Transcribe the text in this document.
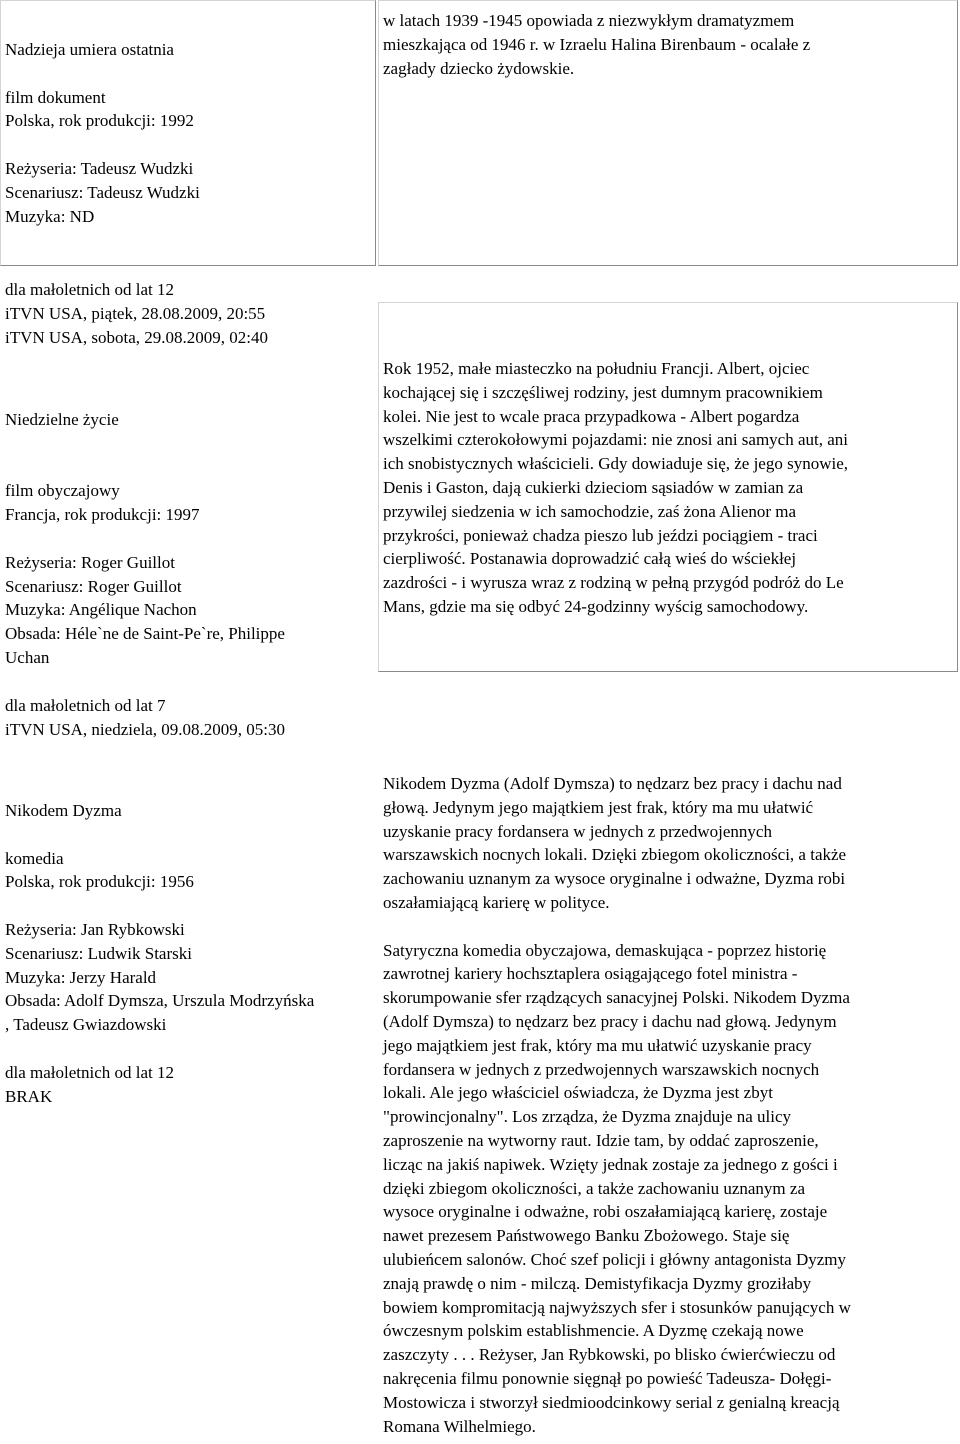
Nadzieja umiera ostatnia
film dokument
Polska, rok produkcji: 1992
Reżyseria: Tadeusz Wudzki
Scenariusz: Tadeusz Wudzki
Muzyka: ND
w latach 1939 -1945 opowiada z niezwykłym dramatyzmem
mieszkająca od 1946 r. w Izraelu Halina Birenbaum - ocalałe z
zagłady dziecko żydowskie.
dla małoletnich od lat 12
iTVN USA, piątek, 28.08.2009, 20:55
iTVN USA, sobota, 29.08.2009, 02:40
Niedzielne życie
film obyczajowy
Francja, rok produkcji: 1997
Reżyseria: Roger Guillot
Scenariusz: Roger Guillot
Muzyka: Angélique Nachon
Obsada: Héle`ne de Saint-Pe`re, Philippe
Uchan
Rok 1952, małe miasteczko na południu Francji. Albert, ojciec
kochającej się i szczęśliwej rodziny, jest dumnym pracownikiem
kolei. Nie jest to wcale praca przypadkowa - Albert pogardza
wszelkimi czterokołowymi pojazdami: nie znosi ani samych aut, ani
ich snobistycznych właścicieli. Gdy dowiaduje się, że jego synowie,
Denis i Gaston, dają cukierki dzieciom sąsiadów w zamian za
przywilej siedzenia w ich samochodzie, zaś żona Alienor ma
przykrości, ponieważ chadza pieszo lub jeździ pociągiem - traci
cierpliwość. Postanawia doprowadzić całą wieś do wściekłej
zazdrości - i wyrusza wraz z rodziną w pełną przygód podróż do Le
Mans, gdzie ma się odbyć 24-godzinny wyścig samochodowy.
dla małoletnich od lat 7
iTVN USA, niedziela, 09.08.2009, 05:30
Nikodem Dyzma
komedia
Polska, rok produkcji: 1956
Reżyseria: Jan Rybkowski
Scenariusz: Ludwik Starski
Muzyka: Jerzy Harald
Obsada: Adolf Dymsza, Urszula Modrzyńska
, Tadeusz Gwiazdowski
dla małoletnich od lat 12
BRAK
Nikodem Dyzma (Adolf Dymsza) to nędzarz bez pracy i dachu nad
głową. Jedynym jego majątkiem jest frak, który ma mu ułatwić
uzyskanie pracy fordansera w jednych z przedwojennych
warszawskich nocnych lokali. Dzięki zbiegom okoliczności, a także
zachowaniu uznanym za wysoce oryginalne i odważne, Dyzma robi
oszałamiającą karierę w polityce.
Satyryczna komedia obyczajowa, demaskująca - poprzez historię
zawrotnej kariery hochsztaplera osiągającego fotel ministra -
skorumpowanie sfer rządzących sanacyjnej Polski. Nikodem Dyzma
(Adolf Dymsza) to nędzarz bez pracy i dachu nad głową. Jedynym
jego majątkiem jest frak, który ma mu ułatwić uzyskanie pracy
fordansera w jednych z przedwojennych warszawskich nocnych
lokali. Ale jego właściciel oświadcza, że Dyzma jest zbyt
"prowincjonalny". Los zrządza, że Dyzma znajduje na ulicy
zaproszenie na wytworny raut. Idzie tam, by oddać zaproszenie,
licząc na jakiś napiwek. Wzięty jednak zostaje za jednego z gości i
dzięki zbiegom okoliczności, a także zachowaniu uznanym za
wysoce oryginalne i odważne, robi oszałamiającą karierę, zostaje
nawet prezesem Państwowego Banku Zbożowego. Staje się
ulubieńcem salonów. Choć szef policji i główny antagonista Dyzmy
znają prawdę o nim - milczą. Demistyfikacja Dyzmy groziłaby
bowiem kompromitacją najwyższych sfer i stosunków panujących w
ówczesnym polskim establishmencie. A Dyzmę czekają nowe
zaszczyty . . . Reżyser, Jan Rybkowski, po blisko ćwierćwieczu od
nakręcenia filmu ponownie sięgnął po powieść Tadeusza- Dołęgi-
Mostowicza i stworzył siedmioodcinkowy serial z genialną kreacją
Romana Wilhelmiego.
